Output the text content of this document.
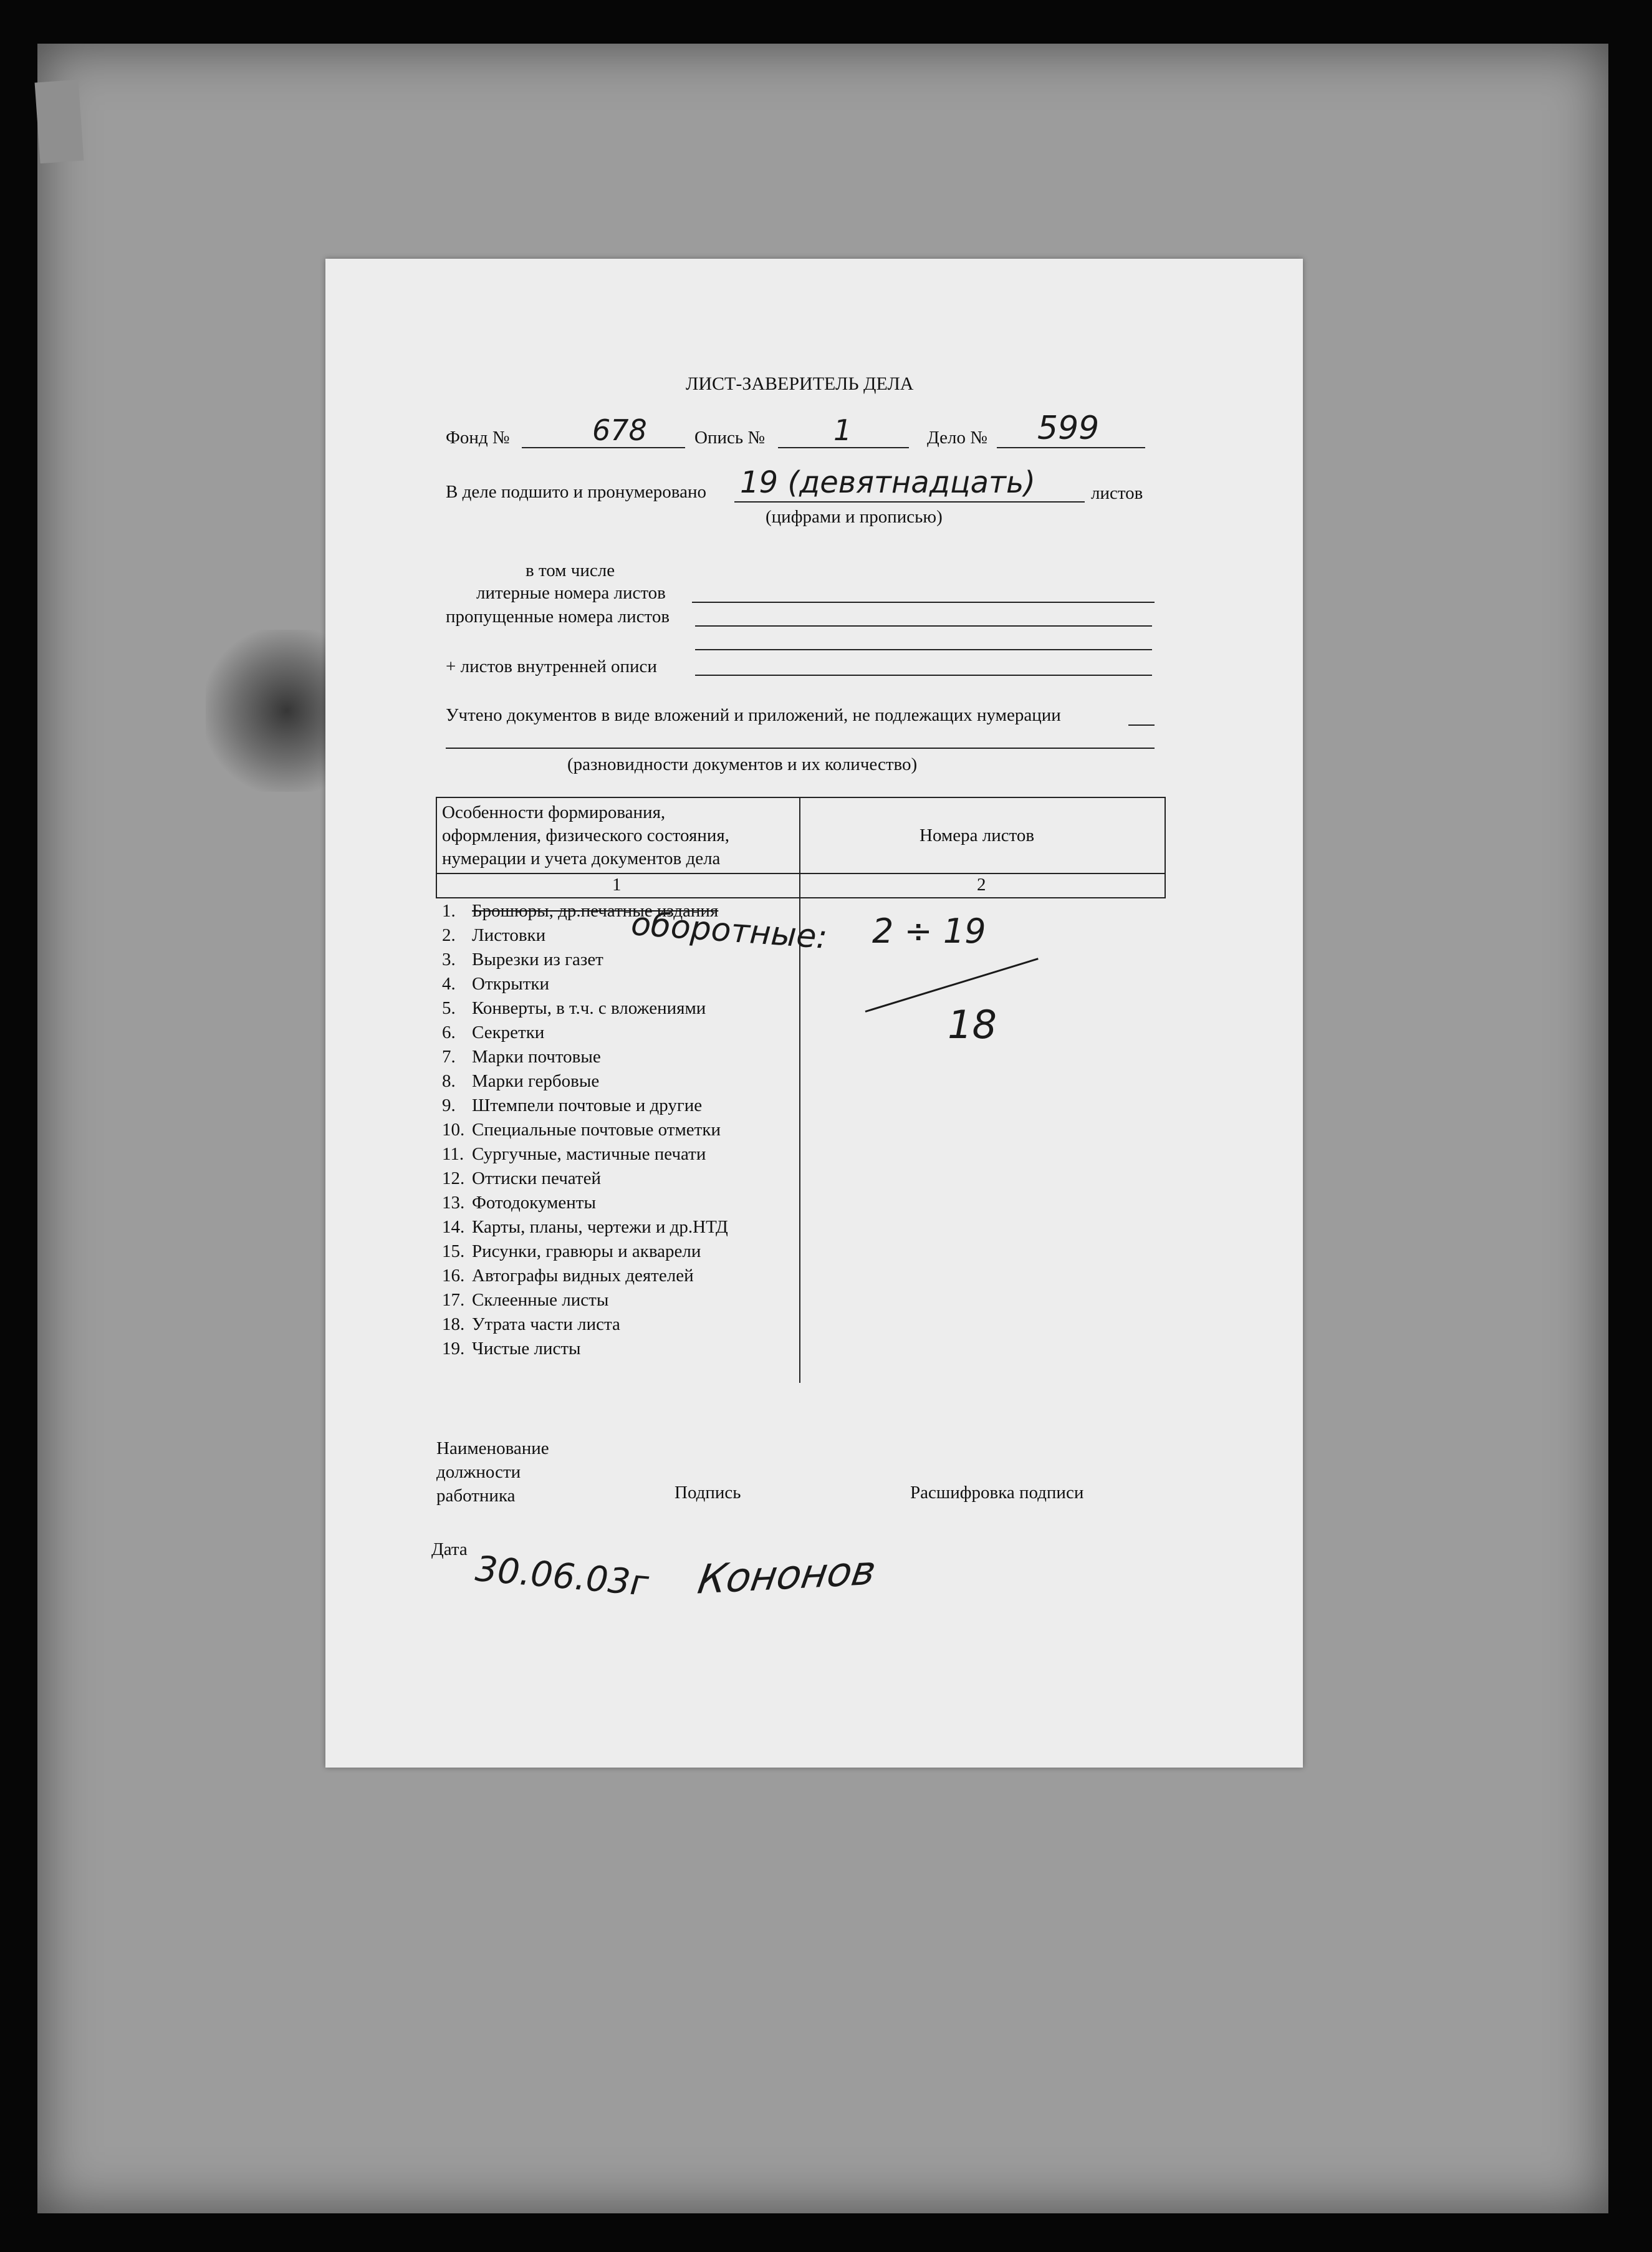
ЛИСТ-ЗАВЕРИТЕЛЬ ДЕЛА
Фонд №	678	Опись № 1	Дело № 599
В деле подшито и пронумеровано 19 (девятнадцать)	листов
(цифрами и прописью)
в том числе
литерные номера листов
пропущенные номера листов
+ листов внутренней описи
Учтено документов в виде вложений и приложений, не подлежащих нумерации
(разновидности документов и их количество)
Особенности формирования,
оформления, физического состояния,
нумерации и учета документов дела
Номера листов
1	2
1. Брошюры, др.печатные издания
2. Листовки
3. Вырезки из газет
4. Открытки
5. Конверты, в т.ч. с вложениями
6. Секретки
7. Марки почтовые
8. Марки гербовые
9. Штемпели почтовые и другие
10. Специальные почтовые отметки
11. Сургучные, мастичные печати
12. Оттиски печатей
13. Фотодокументы
14. Карты, планы, чертежи и др.НТД
15. Рисунки, гравюры и акварели
16. Автографы видных деятелей
17. Склеенные листы
18. Утрата части листа
19. Чистые листы
оборотные: 2 ÷ 19
18
Наименование
должности
работника	Подпись	Расшифровка подписи
Дата 30.06.03г Кононов
